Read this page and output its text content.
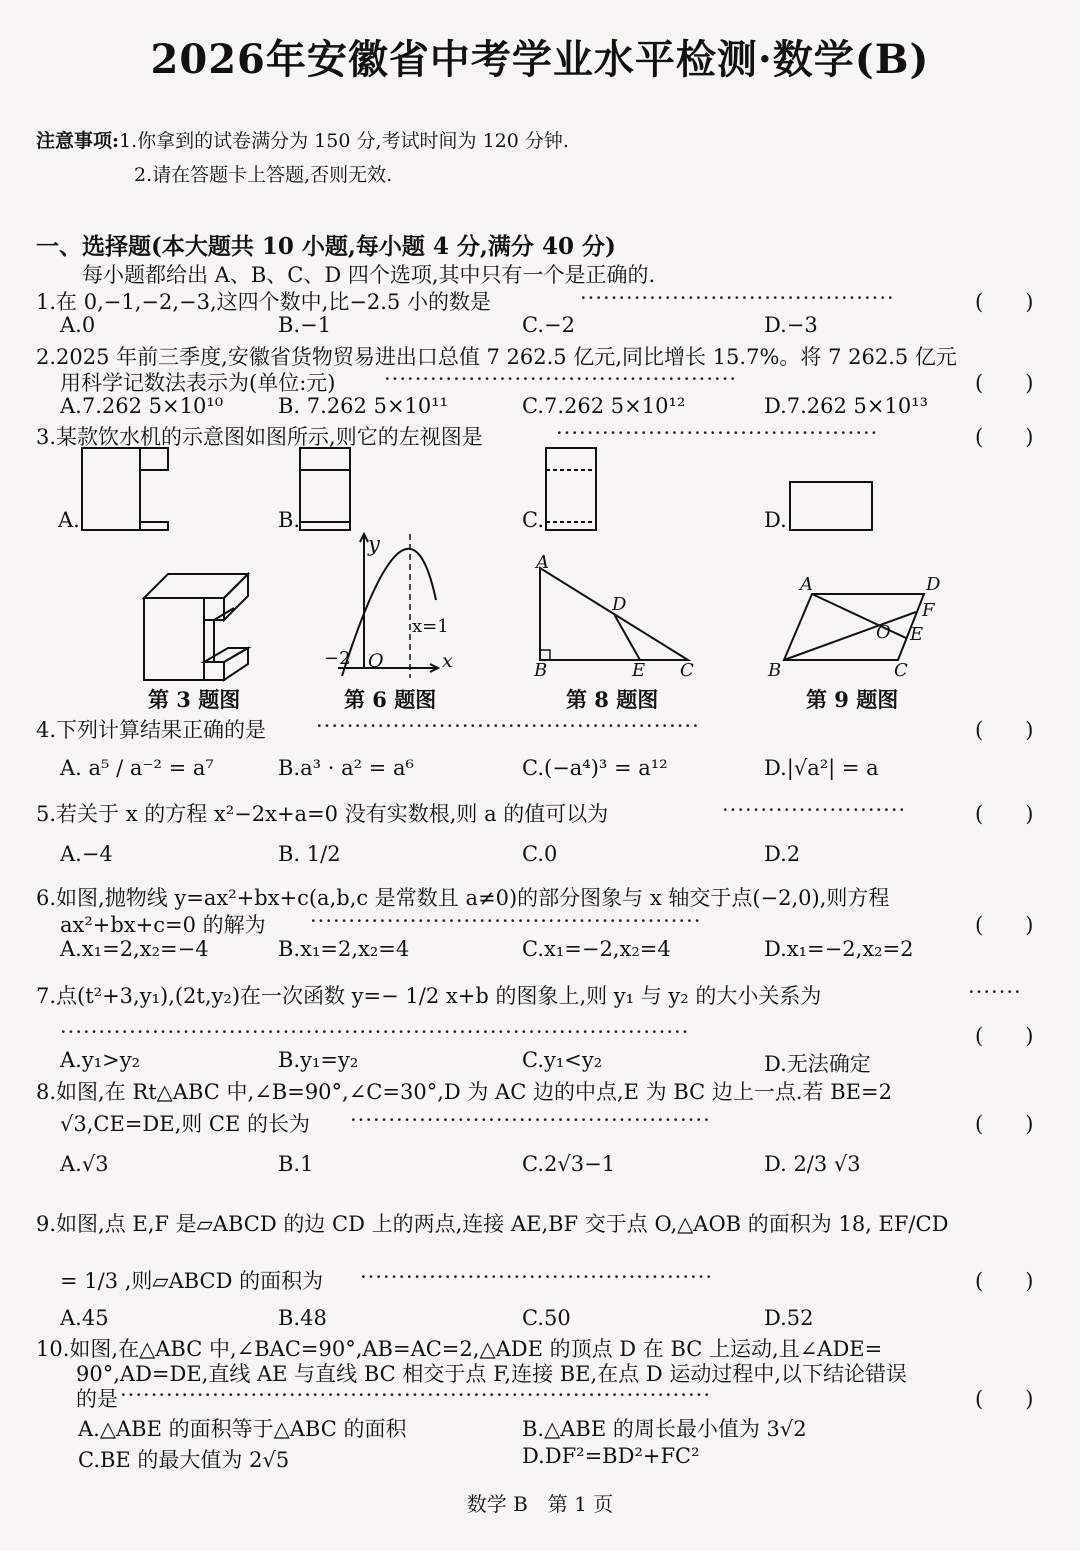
2026年安徽省中考学业水平检测·数学(B)
注意事项:1.你拿到的试卷满分为 150 分,考试时间为 120 分钟.
2.请在答题卡上答题,否则无效.
一、选择题(本大题共 10 小题,每小题 4 分,满分 40 分)
每小题都给出 A、B、C、D 四个选项,其中只有一个是正确的.
1.在 0,−1,−2,−3,这四个数中,比−2.5 小的数是	·········································	(　　)
A.0	B.−1	C.−2	D.−3
2.2025 年前三季度,安徽省货物贸易进出口总值 7 262.5 亿元,同比增长 15.7%。将 7 262.5 亿元
用科学记数法表示为(单位:元) ··············································	(　　)
A.7.262 5×10¹⁰	B. 7.262 5×10¹¹	C.7.262 5×10¹²	D.7.262 5×10¹³
3.某款饮水机的示意图如图所示,则它的左视图是	··········································	(　　)
A.	B.	C.	D.
第 3 题图
y
x
x=1
−2 O
第 6 题图
A
D
B	E C
第 8 题图
A	D
F
O E
B	C
第 9 题图
4.下列计算结果正确的是 ··················································	(　　)
A. a⁵ / a⁻² = a⁷	B.a³ · a² = a⁶	C.(−a⁴)³ = a¹²	D.|√a²| = a
5.若关于 x 的方程 x²−2x+a=0 没有实数根,则 a 的值可以为	························	(　　)
A.−4	B. 1/2	C.0	D.2
6.如图,抛物线 y=ax²+bx+c(a,b,c 是常数且 a≠0)的部分图象与 x 轴交于点(−2,0),则方程
ax²+bx+c=0 的解为 ···················································	(　　)
A.x₁=2,x₂=−4	B.x₁=2,x₂=4	C.x₁=−2,x₂=4	D.x₁=−2,x₂=2
7.点(t²+3,y₁),(2t,y₂)在一次函数 y=− 1/2 x+b 的图象上,则 y₁ 与 y₂ 的大小关系为	·······
··················································································	(　　)
A.y₁>y₂	B.y₁=y₂	C.y₁<y₂	D.无法确定
8.如图,在 Rt△ABC 中,∠B=90°,∠C=30°,D 为 AC 边的中点,E 为 BC 边上一点.若 BE=2
√3,CE=DE,则 CE 的长为 ···············································	(　　)
A.√3	B.1	C.2√3−1	D. 2/3 √3
9.如图,点 E,F 是▱ABCD 的边 CD 上的两点,连接 AE,BF 交于点 O,△AOB 的面积为 18, EF/CD
= 1/3 ,则▱ABCD 的面积为 ··············································	(　　)
A.45	B.48	C.50	D.52
10.如图,在△ABC 中,∠BAC=90°,AB=AC=2,△ADE 的顶点 D 在 BC 上运动,且∠ADE=
90°,AD=DE,直线 AE 与直线 BC 相交于点 F,连接 BE,在点 D 运动过程中,以下结论错误
的是 ·············································································	(　　)
A.△ABE 的面积等于△ABC 的面积	B.△ABE 的周长最小值为 3√2
C.BE 的最大值为 2√5	D.DF²=BD²+FC²
数学 B　第 1 页
